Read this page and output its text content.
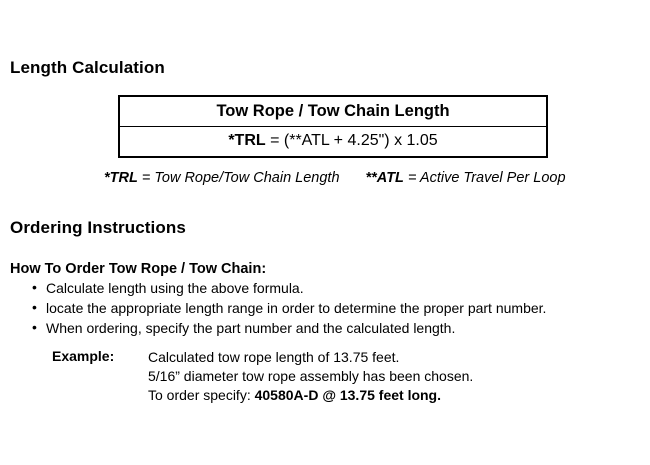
Length Calculation
Tow Rope / Tow Chain Length
*TRL = (**ATL + 4.25") x 1.05
*TRL = Tow Rope/Tow Chain Length **ATL = Active Travel Per Loop
Ordering Instructions
How To Order Tow Rope / Tow Chain:
• Calculate length using the above formula.
• locate the appropriate length range in order to determine the proper part number.
• When ordering, specify the part number and the calculated length.
Example: Calculated tow rope length of 13.75 feet.
5/16” diameter tow rope assembly has been chosen.
To order specify: 40580A-D @ 13.75 feet long.
